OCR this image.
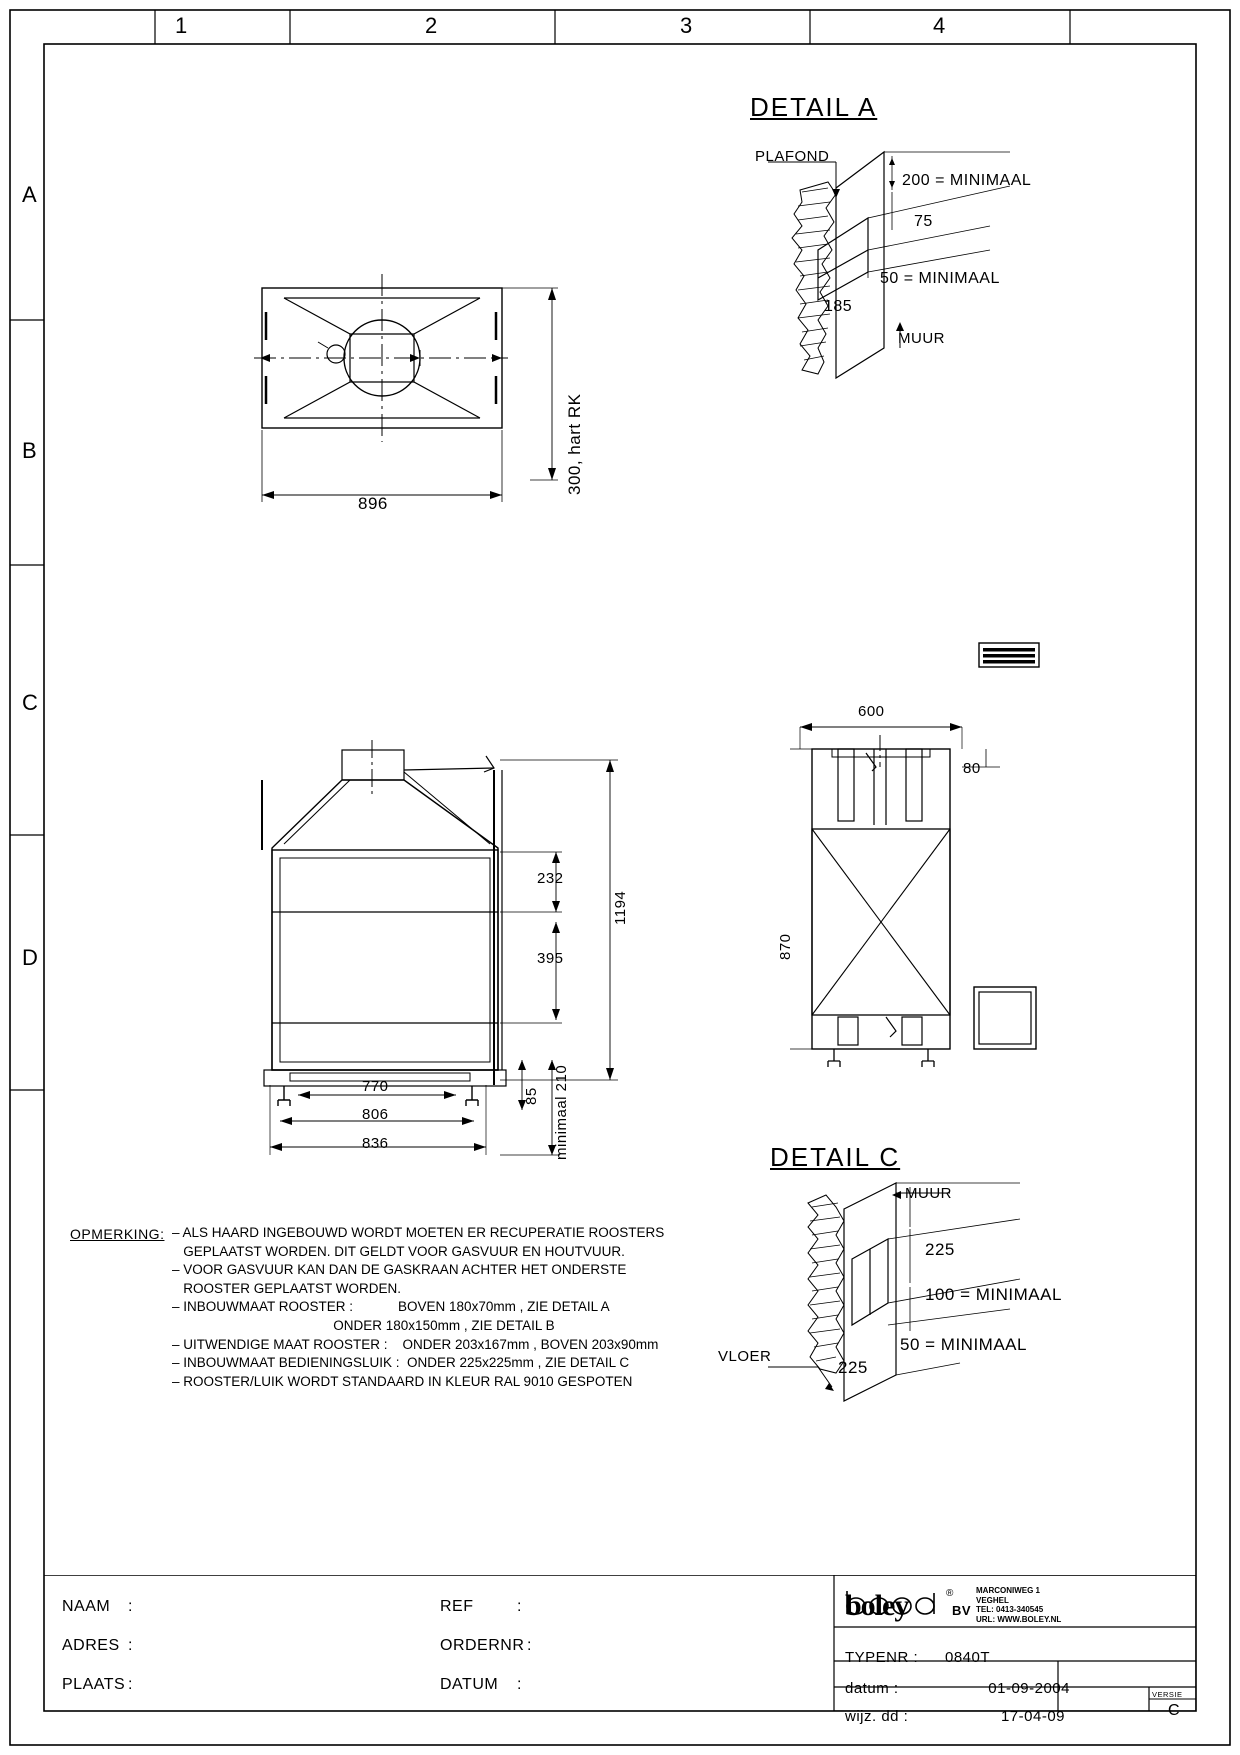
1	2	3	4
A
B
C
D
DETAIL A
PLAFOND
200 = MINIMAAL
75
50 = MINIMAAL
185
MUUR
896
300, hart RK
232
395
1194
770
806
836
85 minimaal 210
600
80
870
DETAIL C
MUUR
225
100 = MINIMAAL
50 = MINIMAAL
225
VLOER
OPMERKING: – ALS HAARD INGEBOUWD WORDT MOETEN ER RECUPERATIE ROOSTERS
GEPLAATST WORDEN. DIT GELDT VOOR GASVUUR EN HOUTVUUR.
– VOOR GASVUUR KAN DAN DE GASKRAAN ACHTER HET ONDERSTE
ROOSTER GEPLAATST WORDEN.
– INBOUWMAAT ROOSTER :            BOVEN 180x70mm , ZIE DETAIL A
ONDER 180x150mm , ZIE DETAIL B
– UITWENDIGE MAAT ROOSTER :    ONDER 203x167mm , BOVEN 203x90mm
– INBOUWMAAT BEDIENINGSLUIK :  ONDER 225x225mm , ZIE DETAIL C
– ROOSTER/LUIK WORDT STANDAARD IN KLEUR RAL 9010 GESPOTEN
NAAM :
ADRES :
PLAATS :
REF	:
ORDERNR :
DATUM :
boley	®
BV
MARCONIWEG 1
VEGHEL
TEL: 0413-340545
URL: WWW.BOLEY.NL
TYPENR : 0840T
datum :	01-09-2004
wijz. dd :	17-04-09
VERSIE
C
